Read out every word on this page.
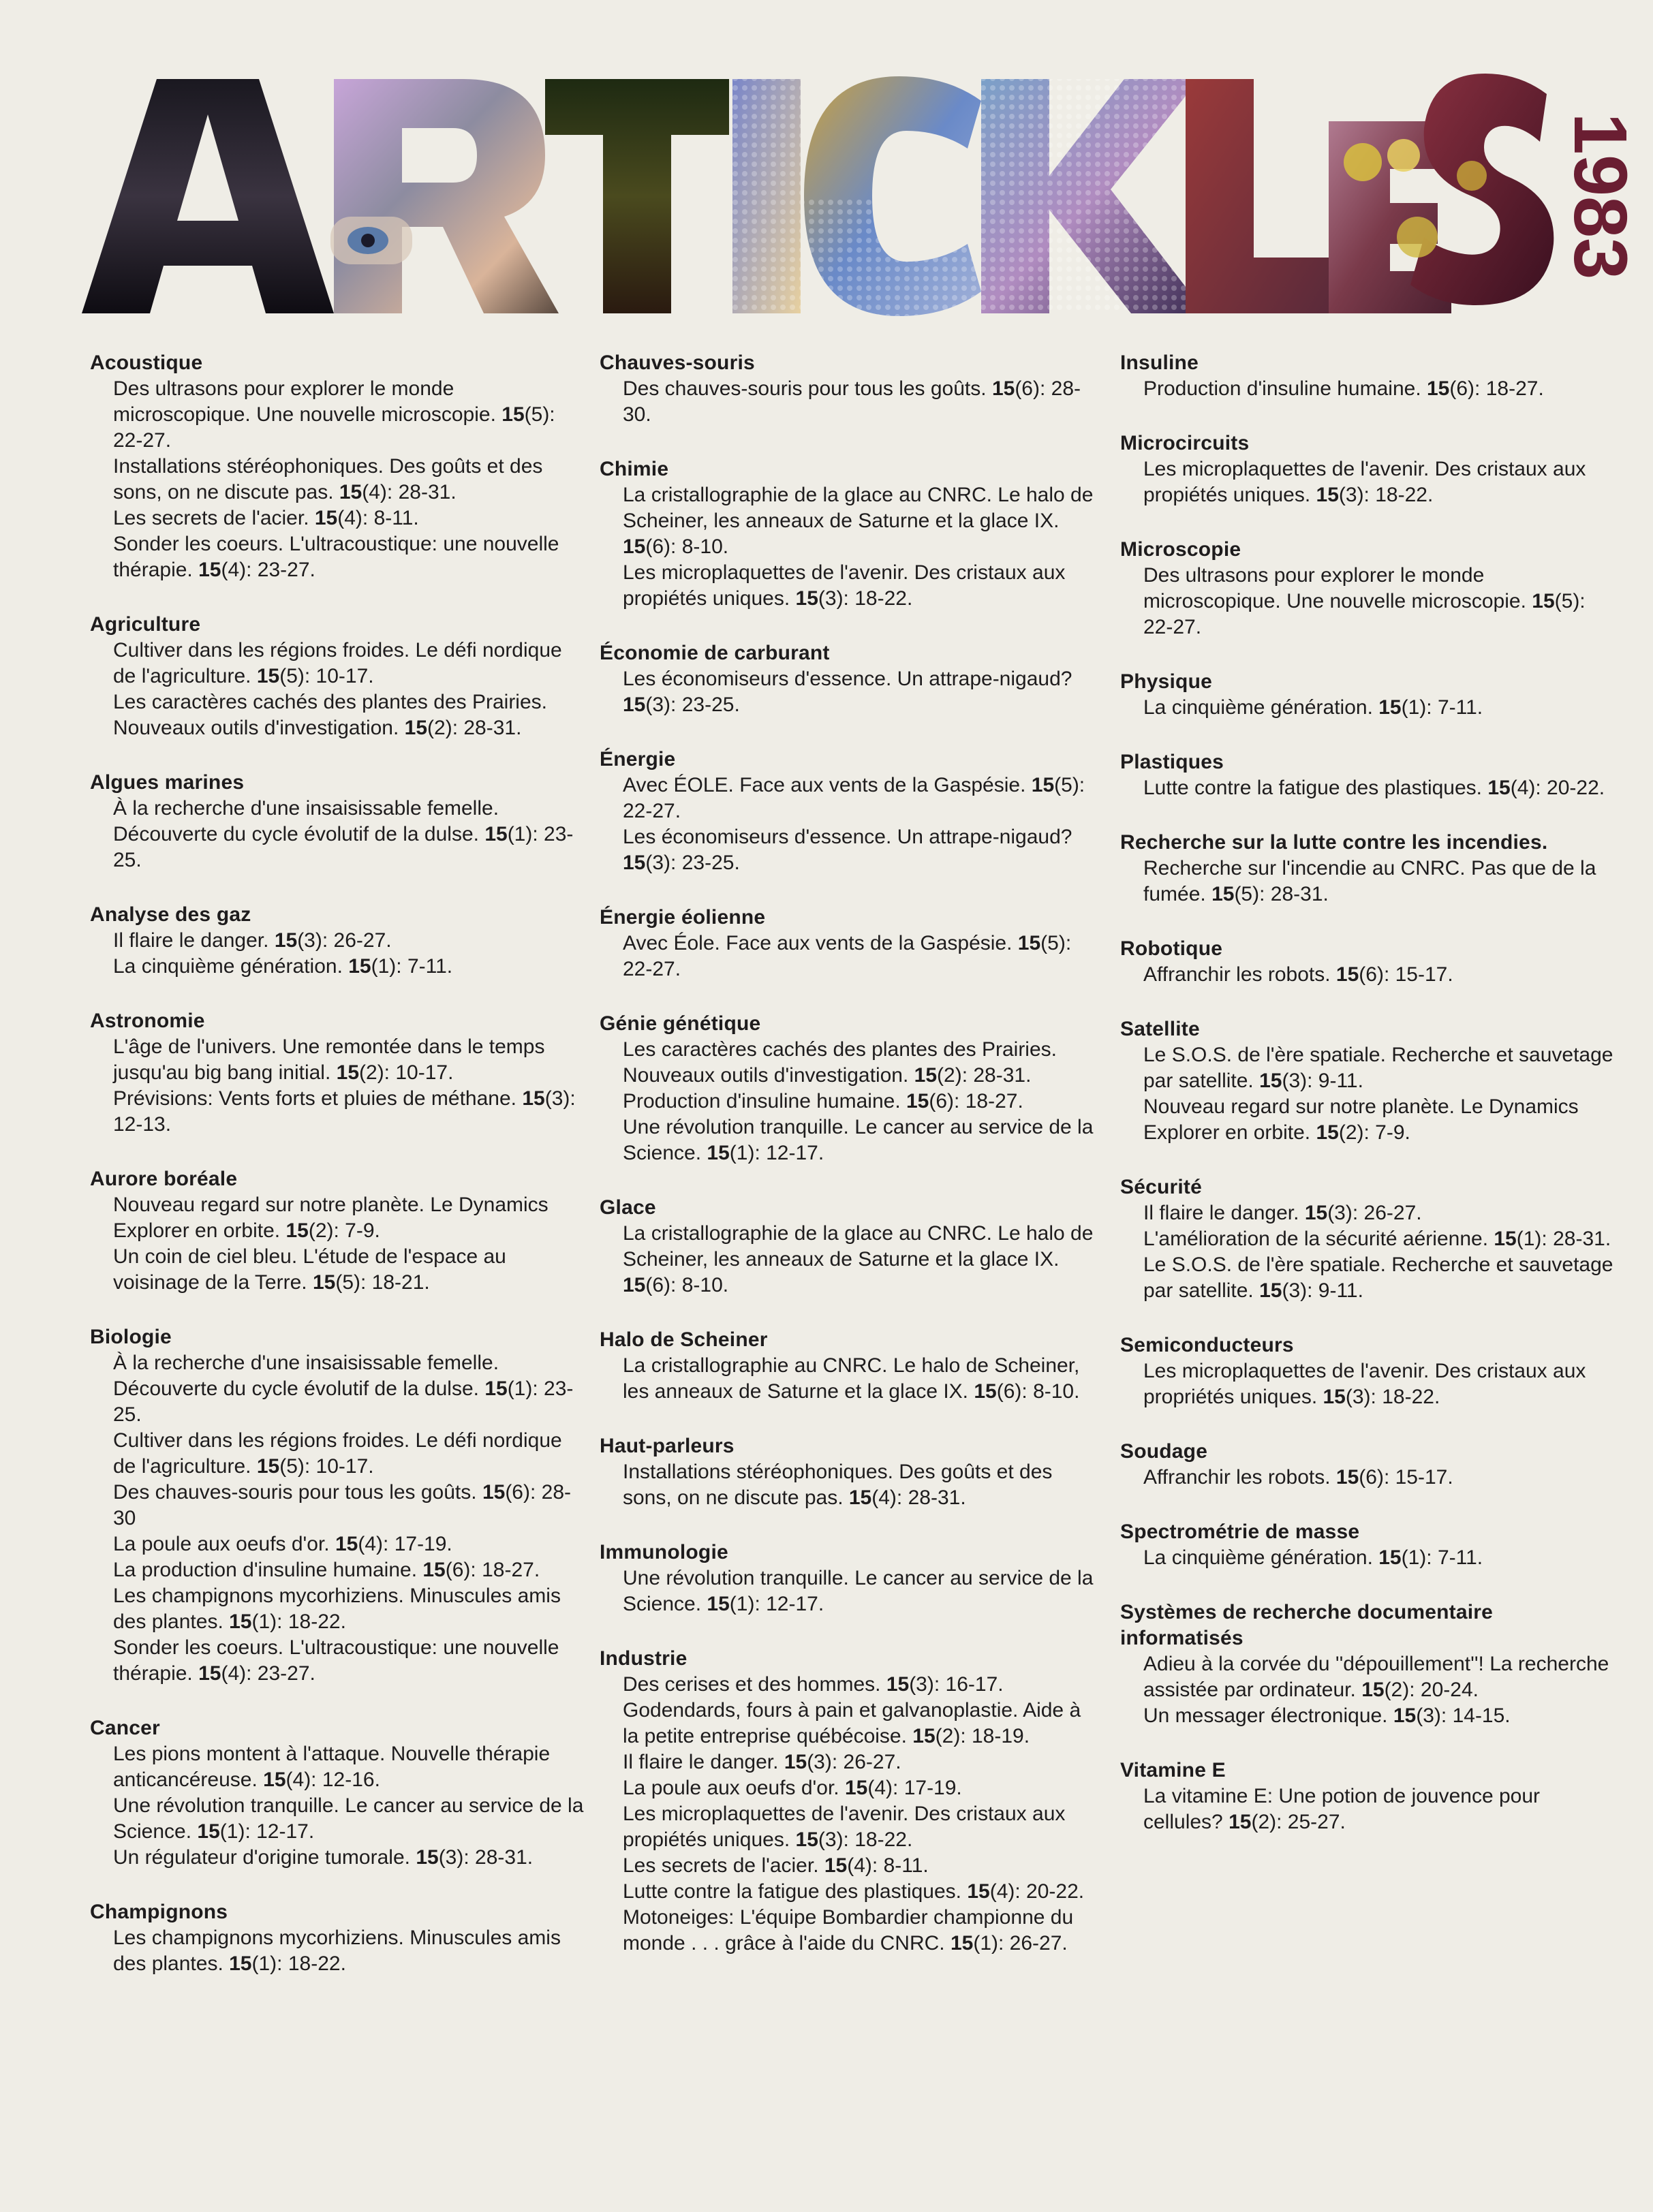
1983
Acoustique
Des ultrasons pour explorer le monde microscopique. Une nouvelle microscopie. 15(5): 22-27.
Installations stéréophoniques. Des goûts et des sons, on ne discute pas. 15(4): 28-31.
Les secrets de l'acier. 15(4): 8-11.
Sonder les coeurs. L'ultracoustique: une nouvelle thérapie. 15(4): 23-27.
Agriculture
Cultiver dans les régions froides. Le défi nordique de l'agriculture. 15(5): 10-17.
Les caractères cachés des plantes des Prairies. Nouveaux outils d'investigation. 15(2): 28-31.
Algues marines
À la recherche d'une insaisissable femelle. Découverte du cycle évolutif de la dulse. 15(1): 23-25.
Analyse des gaz
Il flaire le danger. 15(3): 26-27.
La cinquième génération. 15(1): 7-11.
Astronomie
L'âge de l'univers. Une remontée dans le temps jusqu'au big bang initial. 15(2): 10-17.
Prévisions: Vents forts et pluies de méthane. 15(3): 12-13.
Aurore boréale
Nouveau regard sur notre planète. Le Dynamics Explorer en orbite. 15(2): 7-9.
Un coin de ciel bleu. L'étude de l'espace au voisinage de la Terre. 15(5): 18-21.
Biologie
À la recherche d'une insaisissable femelle. Découverte du cycle évolutif de la dulse. 15(1): 23-25.
Cultiver dans les régions froides. Le défi nordique de l'agriculture. 15(5): 10-17.
Des chauves-souris pour tous les goûts. 15(6): 28-30
La poule aux oeufs d'or. 15(4): 17-19.
La production d'insuline humaine. 15(6): 18-27.
Les champignons mycorhiziens. Minuscules amis des plantes. 15(1): 18-22.
Sonder les coeurs. L'ultracoustique: une nouvelle thérapie. 15(4): 23-27.
Cancer
Les pions montent à l'attaque. Nouvelle thérapie anticancéreuse. 15(4): 12-16.
Une révolution tranquille. Le cancer au service de la Science. 15(1): 12-17.
Un régulateur d'origine tumorale. 15(3): 28-31.
Champignons
Les champignons mycorhiziens. Minuscules amis des plantes. 15(1): 18-22.
Chauves-souris
Des chauves-souris pour tous les goûts. 15(6): 28-30.
Chimie
La cristallographie de la glace au CNRC. Le halo de Scheiner, les anneaux de Saturne et la glace IX. 15(6): 8-10.
Les microplaquettes de l'avenir. Des cristaux aux propiétés uniques. 15(3): 18-22.
Économie de carburant
Les économiseurs d'essence. Un attrape-nigaud? 15(3): 23-25.
Énergie
Avec ÉOLE. Face aux vents de la Gaspésie. 15(5): 22-27.
Les économiseurs d'essence. Un attrape-nigaud? 15(3): 23-25.
Énergie éolienne
Avec Éole. Face aux vents de la Gaspésie. 15(5): 22-27.
Génie génétique
Les caractères cachés des plantes des Prairies. Nouveaux outils d'investigation. 15(2): 28-31.
Production d'insuline humaine. 15(6): 18-27.
Une révolution tranquille. Le cancer au service de la Science. 15(1): 12-17.
Glace
La cristallographie de la glace au CNRC. Le halo de Scheiner, les anneaux de Saturne et la glace IX. 15(6): 8-10.
Halo de Scheiner
La cristallographie au CNRC. Le halo de Scheiner, les anneaux de Saturne et la glace IX. 15(6): 8-10.
Haut-parleurs
Installations stéréophoniques. Des goûts et des sons, on ne discute pas. 15(4): 28-31.
Immunologie
Une révolution tranquille. Le cancer au service de la Science. 15(1): 12-17.
Industrie
Des cerises et des hommes. 15(3): 16-17.
Godendards, fours à pain et galvanoplastie. Aide à la petite entreprise québécoise. 15(2): 18-19.
Il flaire le danger. 15(3): 26-27.
La poule aux oeufs d'or. 15(4): 17-19.
Les microplaquettes de l'avenir. Des cristaux aux propiétés uniques. 15(3): 18-22.
Les secrets de l'acier. 15(4): 8-11.
Lutte contre la fatigue des plastiques. 15(4): 20-22.
Motoneiges: L'équipe Bombardier championne du monde . . . grâce à l'aide du CNRC. 15(1): 26-27.
Insuline
Production d'insuline humaine. 15(6): 18-27.
Microcircuits
Les microplaquettes de l'avenir. Des cristaux aux propiétés uniques. 15(3): 18-22.
Microscopie
Des ultrasons pour explorer le monde microscopique. Une nouvelle microscopie. 15(5): 22-27.
Physique
La cinquième génération. 15(1): 7-11.
Plastiques
Lutte contre la fatigue des plastiques. 15(4): 20-22.
Recherche sur la lutte contre les incendies.
Recherche sur l'incendie au CNRC. Pas que de la fumée. 15(5): 28-31.
Robotique
Affranchir les robots. 15(6): 15-17.
Satellite
Le S.O.S. de l'ère spatiale. Recherche et sauvetage par satellite. 15(3): 9-11.
Nouveau regard sur notre planète. Le Dynamics Explorer en orbite. 15(2): 7-9.
Sécurité
Il flaire le danger. 15(3): 26-27.
L'amélioration de la sécurité aérienne. 15(1): 28-31.
Le S.O.S. de l'ère spatiale. Recherche et sauvetage par satellite. 15(3): 9-11.
Semiconducteurs
Les microplaquettes de l'avenir. Des cristaux aux propriétés uniques. 15(3): 18-22.
Soudage
Affranchir les robots. 15(6): 15-17.
Spectrométrie de masse
La cinquième génération. 15(1): 7-11.
Systèmes de recherche documentaire informatisés
Adieu à la corvée du ''dépouillement''! La recherche assistée par ordinateur. 15(2): 20-24.
Un messager électronique. 15(3): 14-15.
Vitamine E
La vitamine E: Une potion de jouvence pour cellules? 15(2): 25-27.
